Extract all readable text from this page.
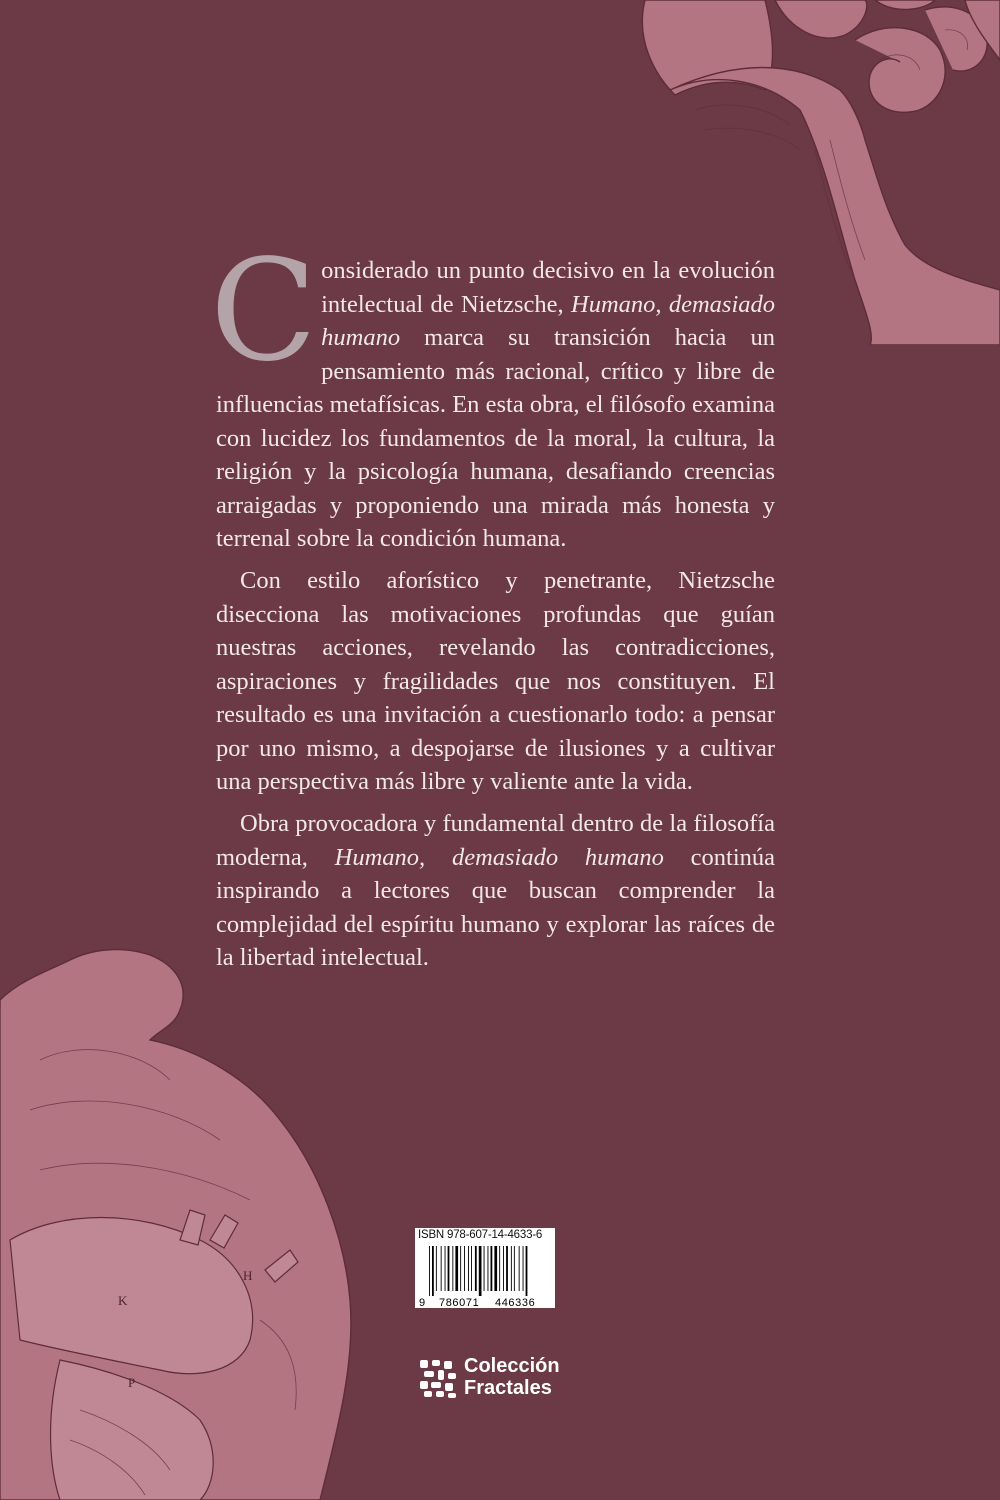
K
H
P

Considerado un punto decisivo en la evolución intelectual de Nietzsche, Humano, demasiado humano marca su transición hacia un pensamiento más racional, crítico y libre de influencias metafísicas. En esta obra, el filósofo examina con lucidez los fundamentos de la moral, la cultura, la religión y la psicología humana, desafiando creencias arraigadas y proponiendo una mirada más honesta y terrenal sobre la condición humana.

Con estilo aforístico y penetrante, Nietzsche disecciona las motivaciones profundas que guían nuestras acciones, revelando las contradicciones, aspiraciones y fragilidades que nos constituyen. El resultado es una invitación a cuestionarlo todo: a pensar por uno mismo, a despojarse de ilusiones y a cultivar una perspectiva más libre y valiente ante la vida.

Obra provocadora y fundamental dentro de la filosofía moderna, Humano, demasiado humano continúa inspirando a lectores que buscan comprender la complejidad del espíritu humano y explorar las raíces de la libertad intelectual.

ISBN 978-607-14-4633-6
9 786071 446336
Colección
Fractales
